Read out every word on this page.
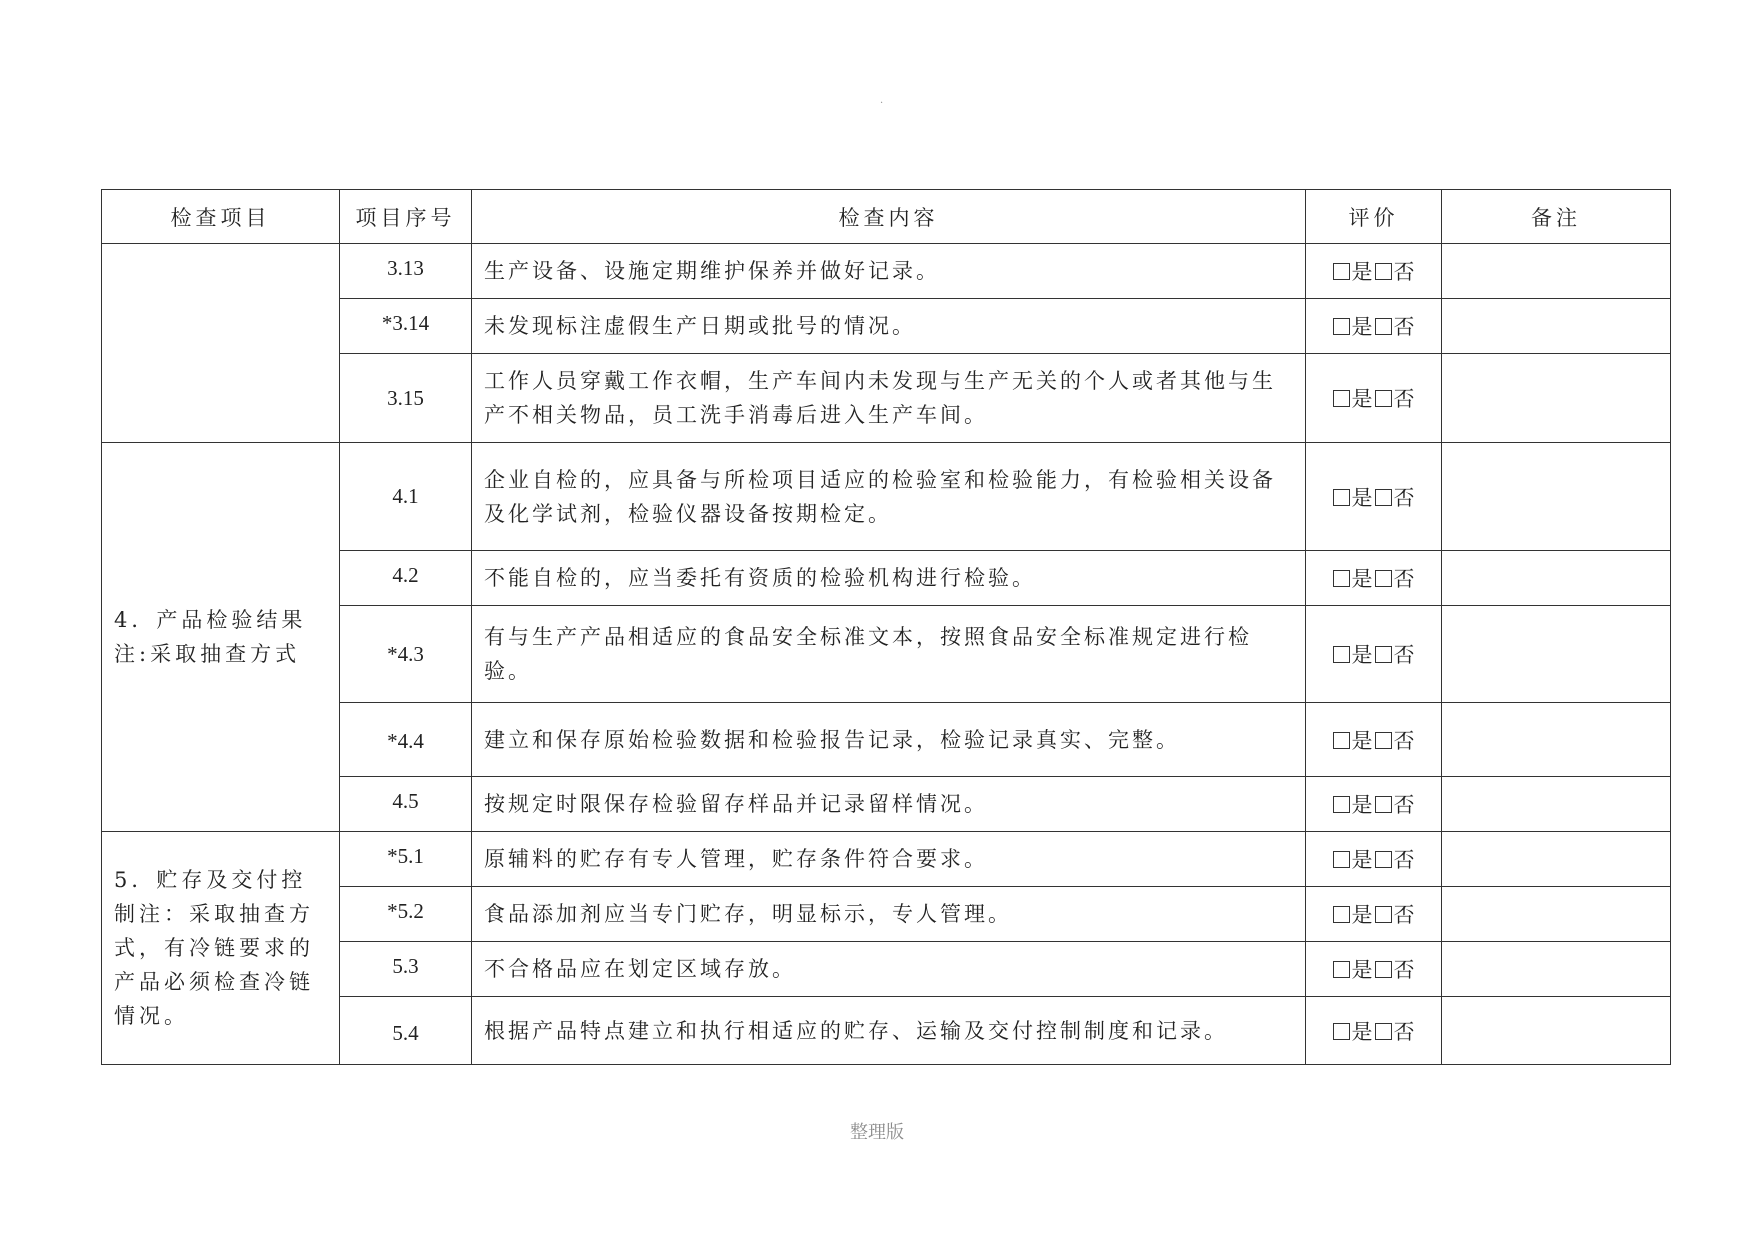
·
检查项目	项目序号	检查内容	评价	备注
	3.13	生产设备、设施定期维护保养并做好记录。	是 否	
	*3.14	未发现标注虚假生产日期或批号的情况。	是 否	
	3.15	工作人员穿戴工作衣帽，生产车间内未发现与生产无关的个人或者其他与生产不相关物品，员工洗手消毒后进入生产车间。	是 否	
4．产品检验结果注:采取抽查方式	4.1	企业自检的，应具备与所检项目适应的检验室和检验能力，有检验相关设备及化学试剂，检验仪器设备按期检定。	是 否	
	4.2	不能自检的，应当委托有资质的检验机构进行检验。	是 否	
	*4.3	有与生产产品相适应的食品安全标准文本，按照食品安全标准规定进行检验。	是 否	
	*4.4	建立和保存原始检验数据和检验报告记录，检验记录真实、完整。	是 否	
	4.5	按规定时限保存检验留存样品并记录留样情况。	是 否	
5．贮存及交付控制注：采取抽查方式，有冷链要求的产品必须检查冷链情况。	*5.1	原辅料的贮存有专人管理，贮存条件符合要求。	是 否	
	*5.2	食品添加剂应当专门贮存，明显标示，专人管理。	是 否	
	5.3	不合格品应在划定区域存放。	是 否	
	5.4	根据产品特点建立和执行相适应的贮存、运输及交付控制制度和记录。	是 否	
整理版
